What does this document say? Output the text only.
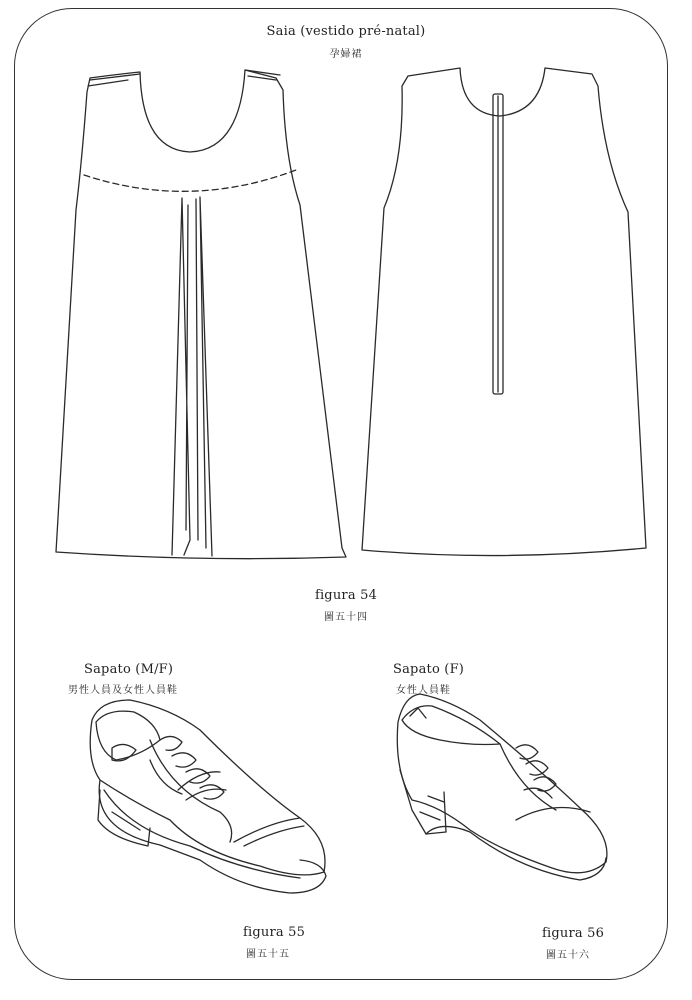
Saia (vestido pré-natal)
孕婦裙
figura 54
圖五十四
Sapato (M/F)
男性人員及女性人員鞋
Sapato (F)
女性人員鞋
figura 55
圖五十五
figura 56
圖五十六
